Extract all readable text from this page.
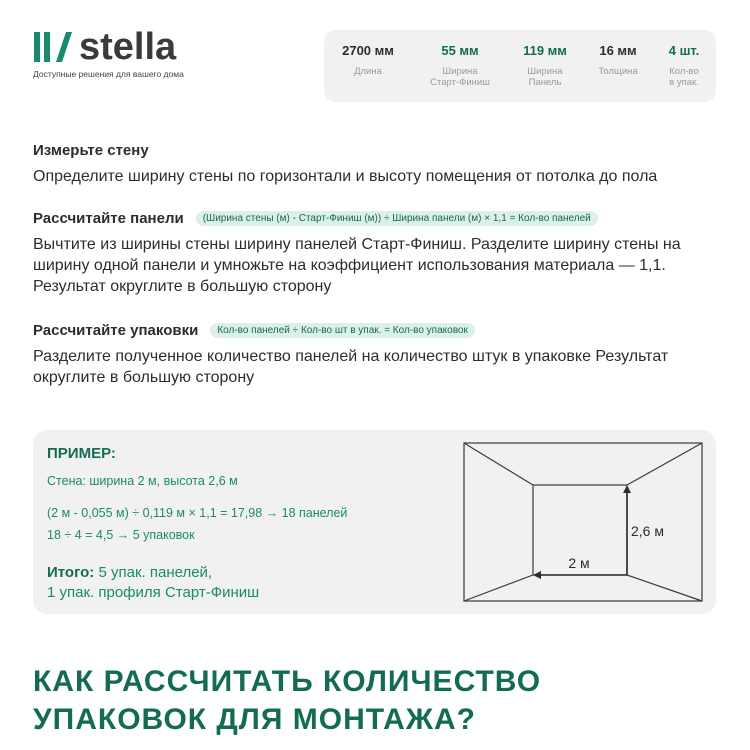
stella
Доступные решения для вашего дома
2700 мм
Длина
55 мм
Ширина
Старт-Финиш
119 мм
Ширина
Панель
16 мм
Толщина
4 шт.
Кол-во
в упак.
Измерьте стену
Определите ширину стены по горизонтали и высоту помещения от потолка до пола
Рассчитайте панели	(Ширина стены (м) - Старт-Финиш (м)) ÷ Ширина панели (м) × 1,1 = Кол-во панелей
Вычтите из ширины стены ширину панелей Старт-Финиш. Разделите ширину стены на ширину одной панели и умножьте на коэффициент использования материала — 1,1. Результат округлите в большую сторону
Рассчитайте упаковки	Кол-во панелей ÷ Кол-во шт в упак. = Кол-во упаковок
Разделите полученное количество панелей на количество штук в упаковке Результат округлите в большую сторону
ПРИМЕР:
Стена: ширина 2 м, высота 2,6 м
(2 м - 0,055 м) ÷ 0,119 м × 1,1 = 17,98 → 18 панелей
18 ÷ 4 = 4,5 → 5 упаковок
Итого: 5 упак. панелей,
1 упак. профиля Старт-Финиш
2 м
2,6 м
КАК РАССЧИТАТЬ КОЛИЧЕСТВО
УПАКОВОК ДЛЯ МОНТАЖА?
